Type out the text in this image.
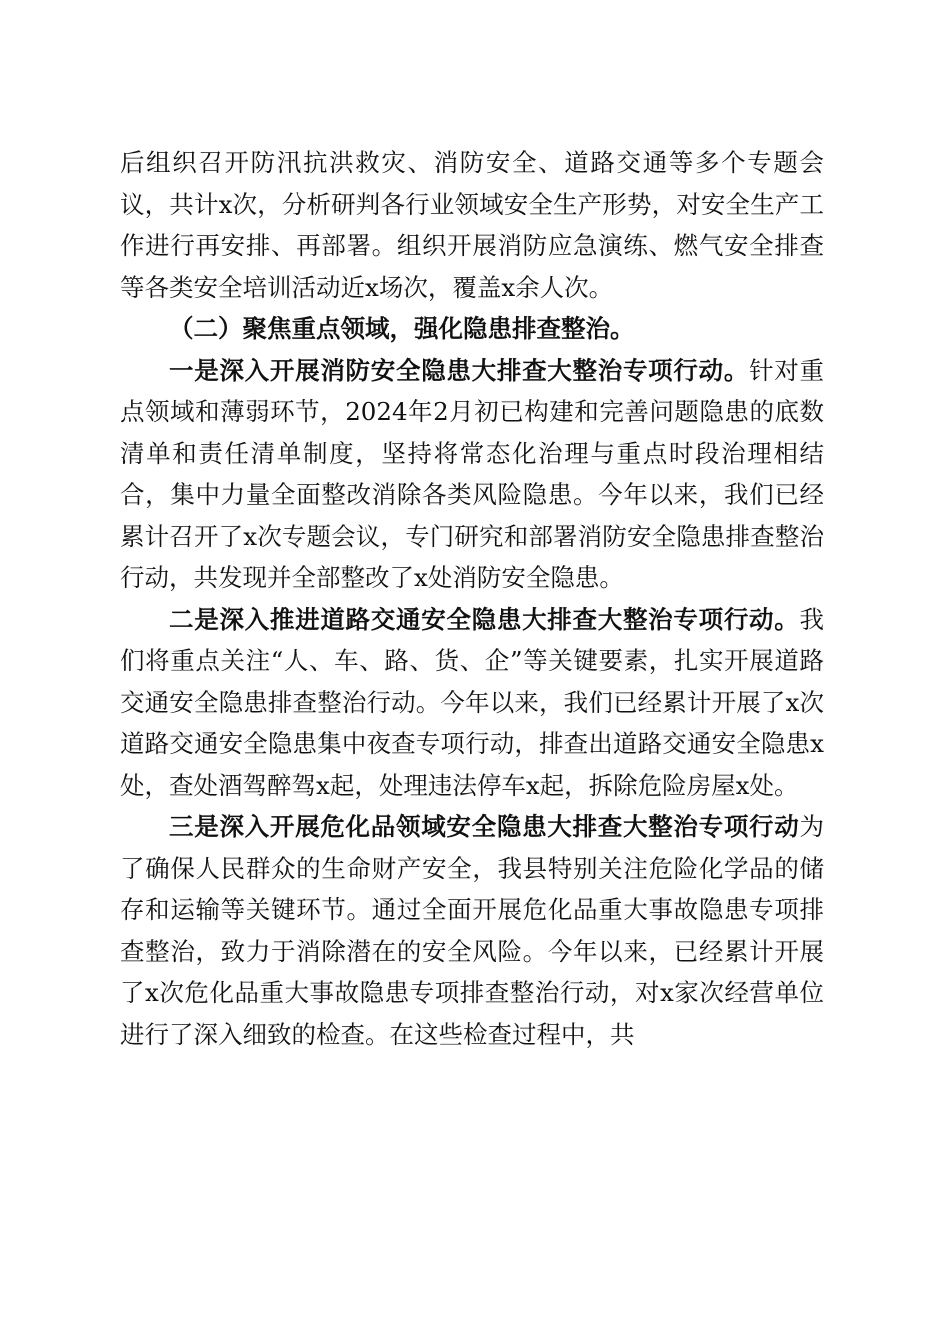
后组织召开防汛抗洪救灾、消防安全、道路交通等多个专题会议，共计x次，分析研判各行业领域安全生产形势，对安全生产工作进行再安排、再部署。组织开展消防应急演练、燃气安全排查等各类安全培训活动近x场次，覆盖x余人次。

（二）聚焦重点领域，强化隐患排查整治。

一是深入开展消防安全隐患大排查大整治专项行动。针对重点领域和薄弱环节，2024年2月初已构建和完善问题隐患的底数清单和责任清单制度，坚持将常态化治理与重点时段治理相结合，集中力量全面整改消除各类风险隐患。今年以来，我们已经累计召开了x次专题会议，专门研究和部署消防安全隐患排查整治行动，共发现并全部整改了x处消防安全隐患。

二是深入推进道路交通安全隐患大排查大整治专项行动。我们将重点关注“人、车、路、货、企”等关键要素，扎实开展道路交通安全隐患排查整治行动。今年以来，我们已经累计开展了x次道路交通安全隐患集中夜查专项行动，排查出道路交通安全隐患x处，查处酒驾醉驾x起，处理违法停车x起，拆除危险房屋x处。

三是深入开展危化品领域安全隐患大排查大整治专项行动为了确保人民群众的生命财产安全，我县特别关注危险化学品的储存和运输等关键环节。通过全面开展危化品重大事故隐患专项排查整治，致力于消除潜在的安全风险。今年以来，已经累计开展了x次危化品重大事故隐患专项排查整治行动，对x家次经营单位进行了深入细致的检查。在这些检查过程中，共
